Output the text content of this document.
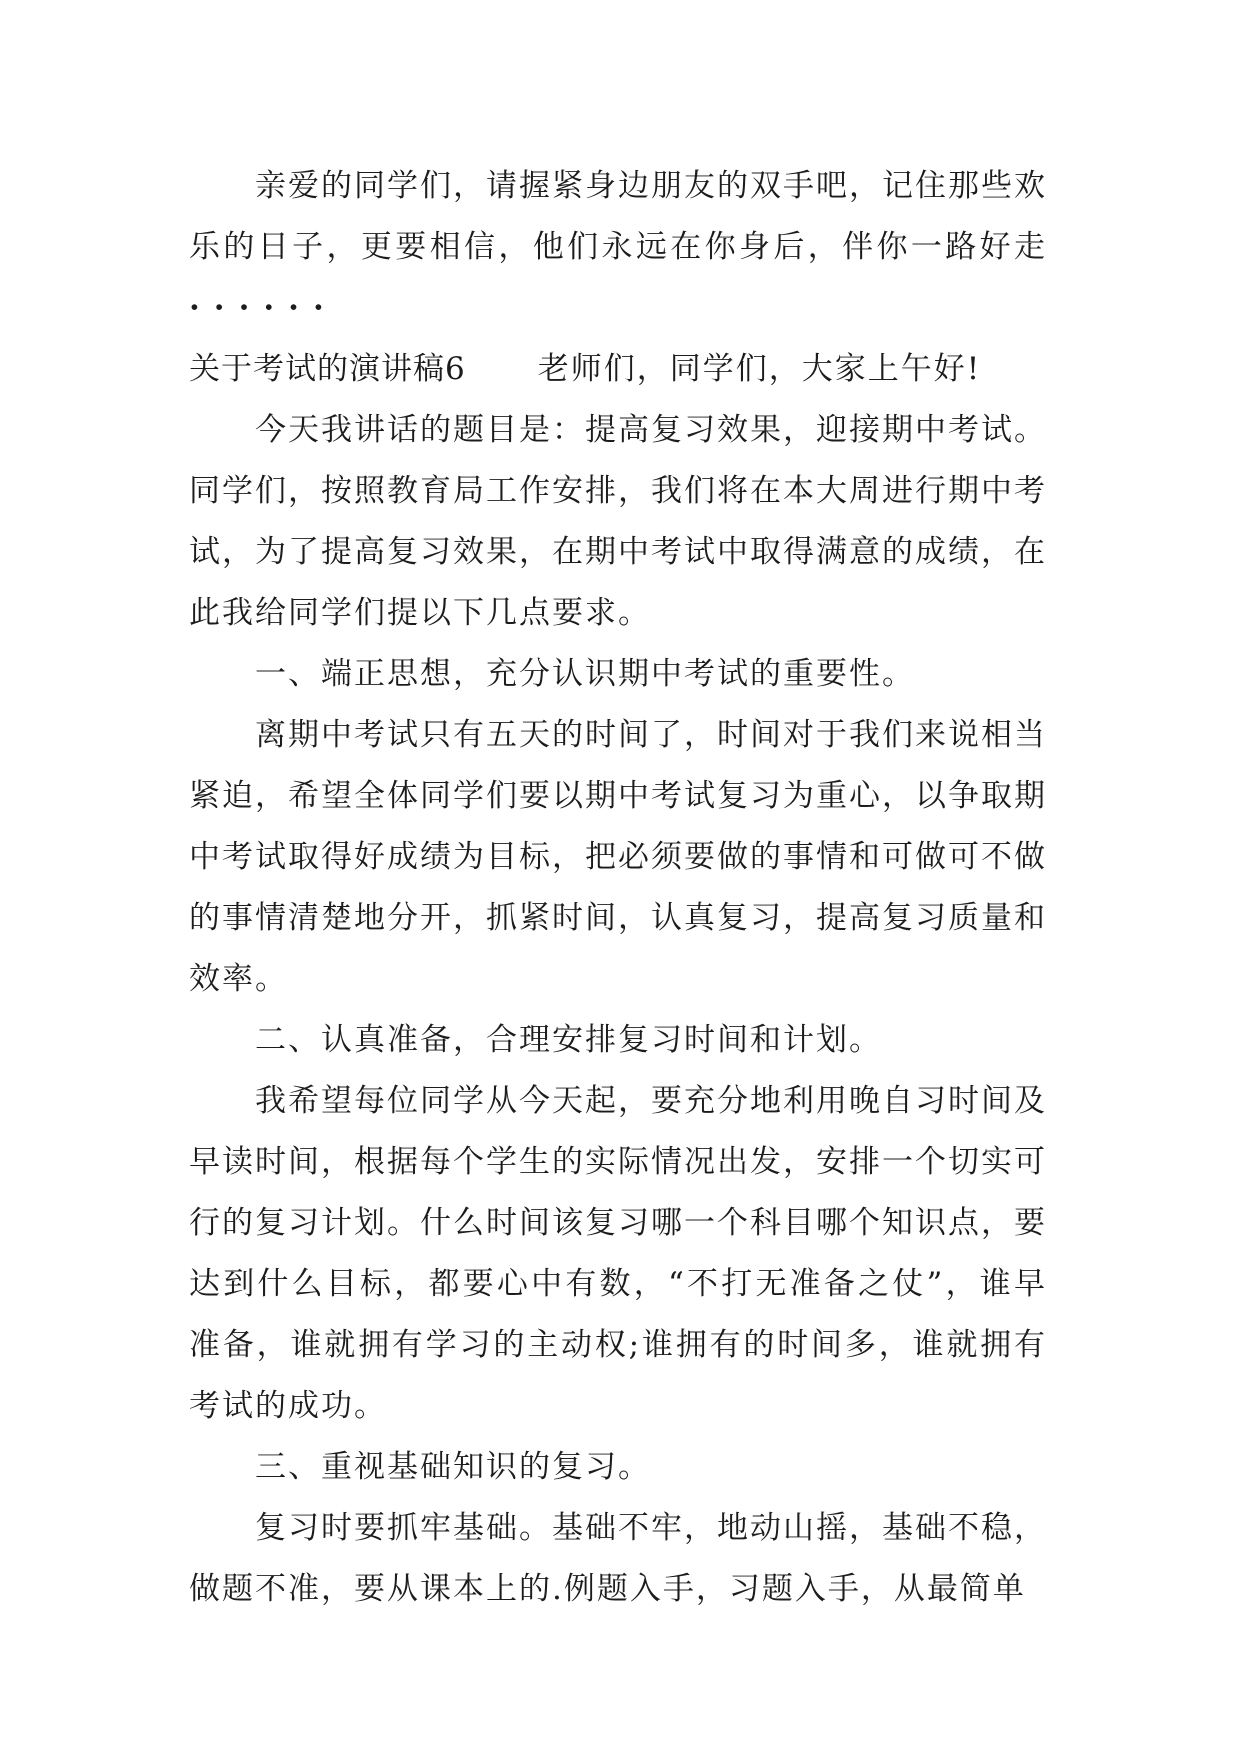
亲爱的同学们，请握紧身边朋友的双手吧，记住那些欢乐的日子，更要相信，他们永远在你身后，伴你一路好走······

关于考试的演讲稿6 老师们，同学们，大家上午好!

今天我讲话的题目是：提高复习效果，迎接期中考试。同学们，按照教育局工作安排，我们将在本大周进行期中考试，为了提高复习效果，在期中考试中取得满意的成绩，在此我给同学们提以下几点要求。

一、端正思想，充分认识期中考试的重要性。

离期中考试只有五天的时间了，时间对于我们来说相当紧迫，希望全体同学们要以期中考试复习为重心，以争取期中考试取得好成绩为目标，把必须要做的事情和可做可不做的事情清楚地分开，抓紧时间，认真复习，提高复习质量和效率。

二、认真准备，合理安排复习时间和计划。

我希望每位同学从今天起，要充分地利用晚自习时间及早读时间，根据每个学生的实际情况出发，安排一个切实可行的复习计划。什么时间该复习哪一个科目哪个知识点，要达到什么目标，都要心中有数，“不打无准备之仗”，谁早准备，谁就拥有学习的主动权;谁拥有的时间多，谁就拥有考试的成功。

三、重视基础知识的复习。

复习时要抓牢基础。基础不牢，地动山摇，基础不稳，做题不准，要从课本上的.例题入手，习题入手，从最简单
